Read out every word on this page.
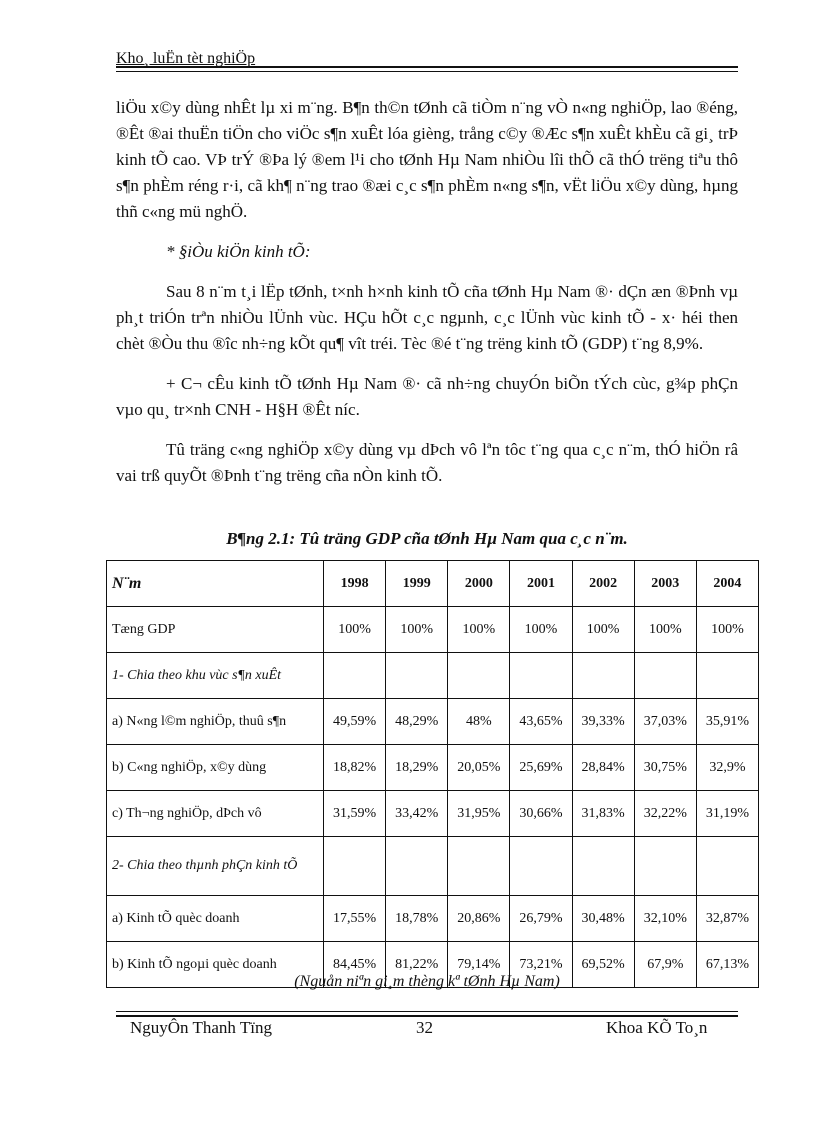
Kho¸ luËn tèt nghiÖp

liÖu x©y dùng nhÊt lµ xi m¨ng. B¶n th©n tØnh cã tiÒm n¨ng vÒ n«ng nghiÖp, lao ®éng, ®Êt ®ai thuËn tiÖn cho viÖc s¶n xuÊt lóa gièng, trång c©y ®Æc s¶n xuÊt khÈu cã gi¸ trÞ kinh tÕ cao. VÞ trÝ ®Þa lý ®em l¹i cho tØnh Hµ Nam nhiÒu lîi thÕ cã thÓ trëng tiªu thô s¶n phÈm réng r·i, cã kh¶ n¨ng trao ®æi c¸c s¶n phÈm n«ng s¶n, vËt liÖu x©y dùng, hµng thñ c«ng mü nghÖ.

* §iÒu kiÖn kinh tÕ:

Sau 8 n¨m t¸i lËp tØnh, t×nh h×nh kinh tÕ cña tØnh Hµ Nam ®· dÇn æn ®Þnh vµ ph¸t triÓn trªn nhiÒu lÜnh vùc. HÇu hÕt c¸c ngµnh, c¸c lÜnh vùc kinh tÕ - x· héi then chèt ®Òu thu ®îc nh÷ng kÕt qu¶ vît tréi. Tèc ®é t¨ng trëng kinh tÕ (GDP) t¨ng 8,9%.

+ C¬ cÊu kinh tÕ tØnh Hµ Nam ®· cã nh÷ng chuyÓn biÕn tÝch cùc, g¾p phÇn vµo qu¸ tr×nh CNH - H§H ®Êt níc.

Tû träng c«ng nghiÖp x©y dùng vµ dÞch vô lªn tôc t¨ng qua c¸c n¨m, thÓ hiÖn râ vai trß quyÕt ®Þnh t¨ng trëng cña nÒn kinh tÕ.

B¶ng 2.1: Tû träng GDP cña tØnh Hµ Nam qua c¸c n¨m.
N¨m	1998	1999	2000	2001	2002	2003	2004
Tæng GDP	100%	100%	100%	100%	100%	100%	100%
1- Chia theo khu vùc s¶n xuÊt							
a) N«ng l©m nghiÖp, thuû s¶n	49,59%	48,29%	48%	43,65%	39,33%	37,03%	35,91%
b) C«ng nghiÖp, x©y dùng	18,82%	18,29%	20,05%	25,69%	28,84%	30,75%	32,9%
c) Th¬ng nghiÖp, dÞch vô	31,59%	33,42%	31,95%	30,66%	31,83%	32,22%	31,19%
2- Chia theo thµnh phÇn kinh tÕ							
a) Kinh tÕ quèc doanh	17,55%	18,78%	20,86%	26,79%	30,48%	32,10%	32,87%
b) Kinh tÕ ngoµi quèc doanh	84,45%	81,22%	79,14%	73,21%	69,52%	67,9%	67,13%
(Nguån niªn gi¸m thèng kª tØnh Hµ Nam)
NguyÔn Thanh Tïng	32	Khoa KÕ To¸n
